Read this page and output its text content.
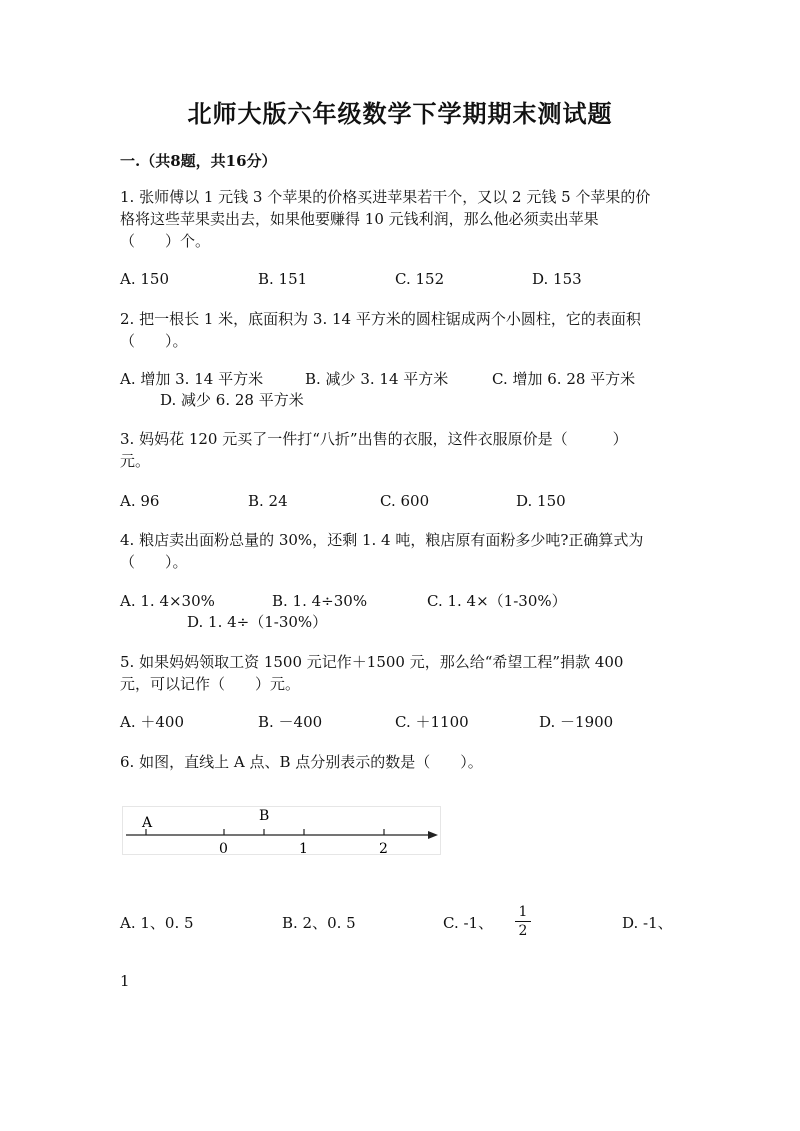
北师大版六年级数学下学期期末测试题
一.（共8题，共16分）
1. 张师傅以 1 元钱 3 个苹果的价格买进苹果若干个，又以 2 元钱 5 个苹果的价
格将这些苹果卖出去，如果他要赚得 10 元钱利润，那么他必须卖出苹果
（　　）个。
A. 150	B. 151	C. 152	D. 153
2. 把一根长 1 米，底面积为 3. 14 平方米的圆柱锯成两个小圆柱，它的表面积
（　　）。
A. 增加 3. 14 平方米	B. 减少 3. 14 平方米	C. 增加 6. 28 平方米
D. 减少 6. 28 平方米
3. 妈妈花 120 元买了一件打“八折”出售的衣服，这件衣服原价是（　　　）
元。
A. 96	B. 24	C. 600	D. 150
4. 粮店卖出面粉总量的 30%，还剩 1. 4 吨，粮店原有面粉多少吨?正确算式为
（　　）。
A. 1. 4×30%	B. 1. 4÷30%	C. 1. 4×（1-30%）
D. 1. 4÷（1-30%）
5. 如果妈妈领取工资 1500 元记作＋1500 元，那么给“希望工程”捐款 400
元，可以记作（　　）元。
A. ＋400	B. －400	C. ＋1100	D. －1900
6. 如图，直线上 A 点、B 点分别表示的数是（　　）。
A	B
0	1	2
A. 1、0. 5	B. 2、0. 5	C. -1、
1
2	D. -1、
1
